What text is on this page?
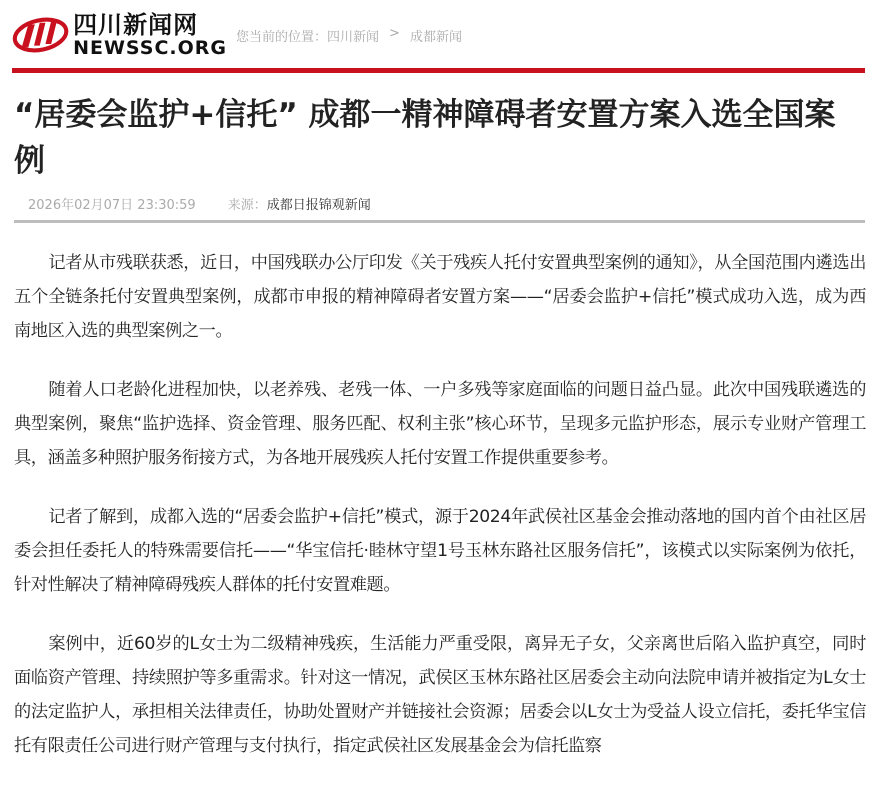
四川新闻网
NEWSSC.ORG 您当前的位置： 四川新闻 > 成都新闻
“居委会监护+信托” 成都一精神障碍者安置方案入选全国案例
2026年02月07日 23:30:59 来源： 成都日报锦观新闻

记者从市残联获悉，近日，中国残联办公厅印发《关于残疾人托付安置典型案例的通知》，从全国范围内遴选出五个全链条托付安置典型案例，成都市申报的精神障碍者安置方案——“居委会监护+信托”模式成功入选，成为西南地区入选的典型案例之一。

随着人口老龄化进程加快，以老养残、老残一体、一户多残等家庭面临的问题日益凸显。此次中国残联遴选的典型案例，聚焦“监护选择、资金管理、服务匹配、权利主张”核心环节，呈现多元监护形态，展示专业财产管理工具，涵盖多种照护服务衔接方式，为各地开展残疾人托付安置工作提供重要参考。

记者了解到，成都入选的“居委会监护+信托”模式，源于2024年武侯社区基金会推动落地的国内首个由社区居委会担任委托人的特殊需要信托——“华宝信托·睦林守望1号玉林东路社区服务信托”，该模式以实际案例为依托，针对性解决了精神障碍残疾人群体的托付安置难题。

案例中，近60岁的L女士为二级精神残疾，生活能力严重受限，离异无子女，父亲离世后陷入监护真空，同时面临资产管理、持续照护等多重需求。针对这一情况，武侯区玉林东路社区居委会主动向法院申请并被指定为L女士的法定监护人，承担相关法律责任，协助处置财产并链接社会资源；居委会以L女士为受益人设立信托，委托华宝信托有限责任公司进行财产管理与支付执行，指定武侯社区发展基金会为信托监察
